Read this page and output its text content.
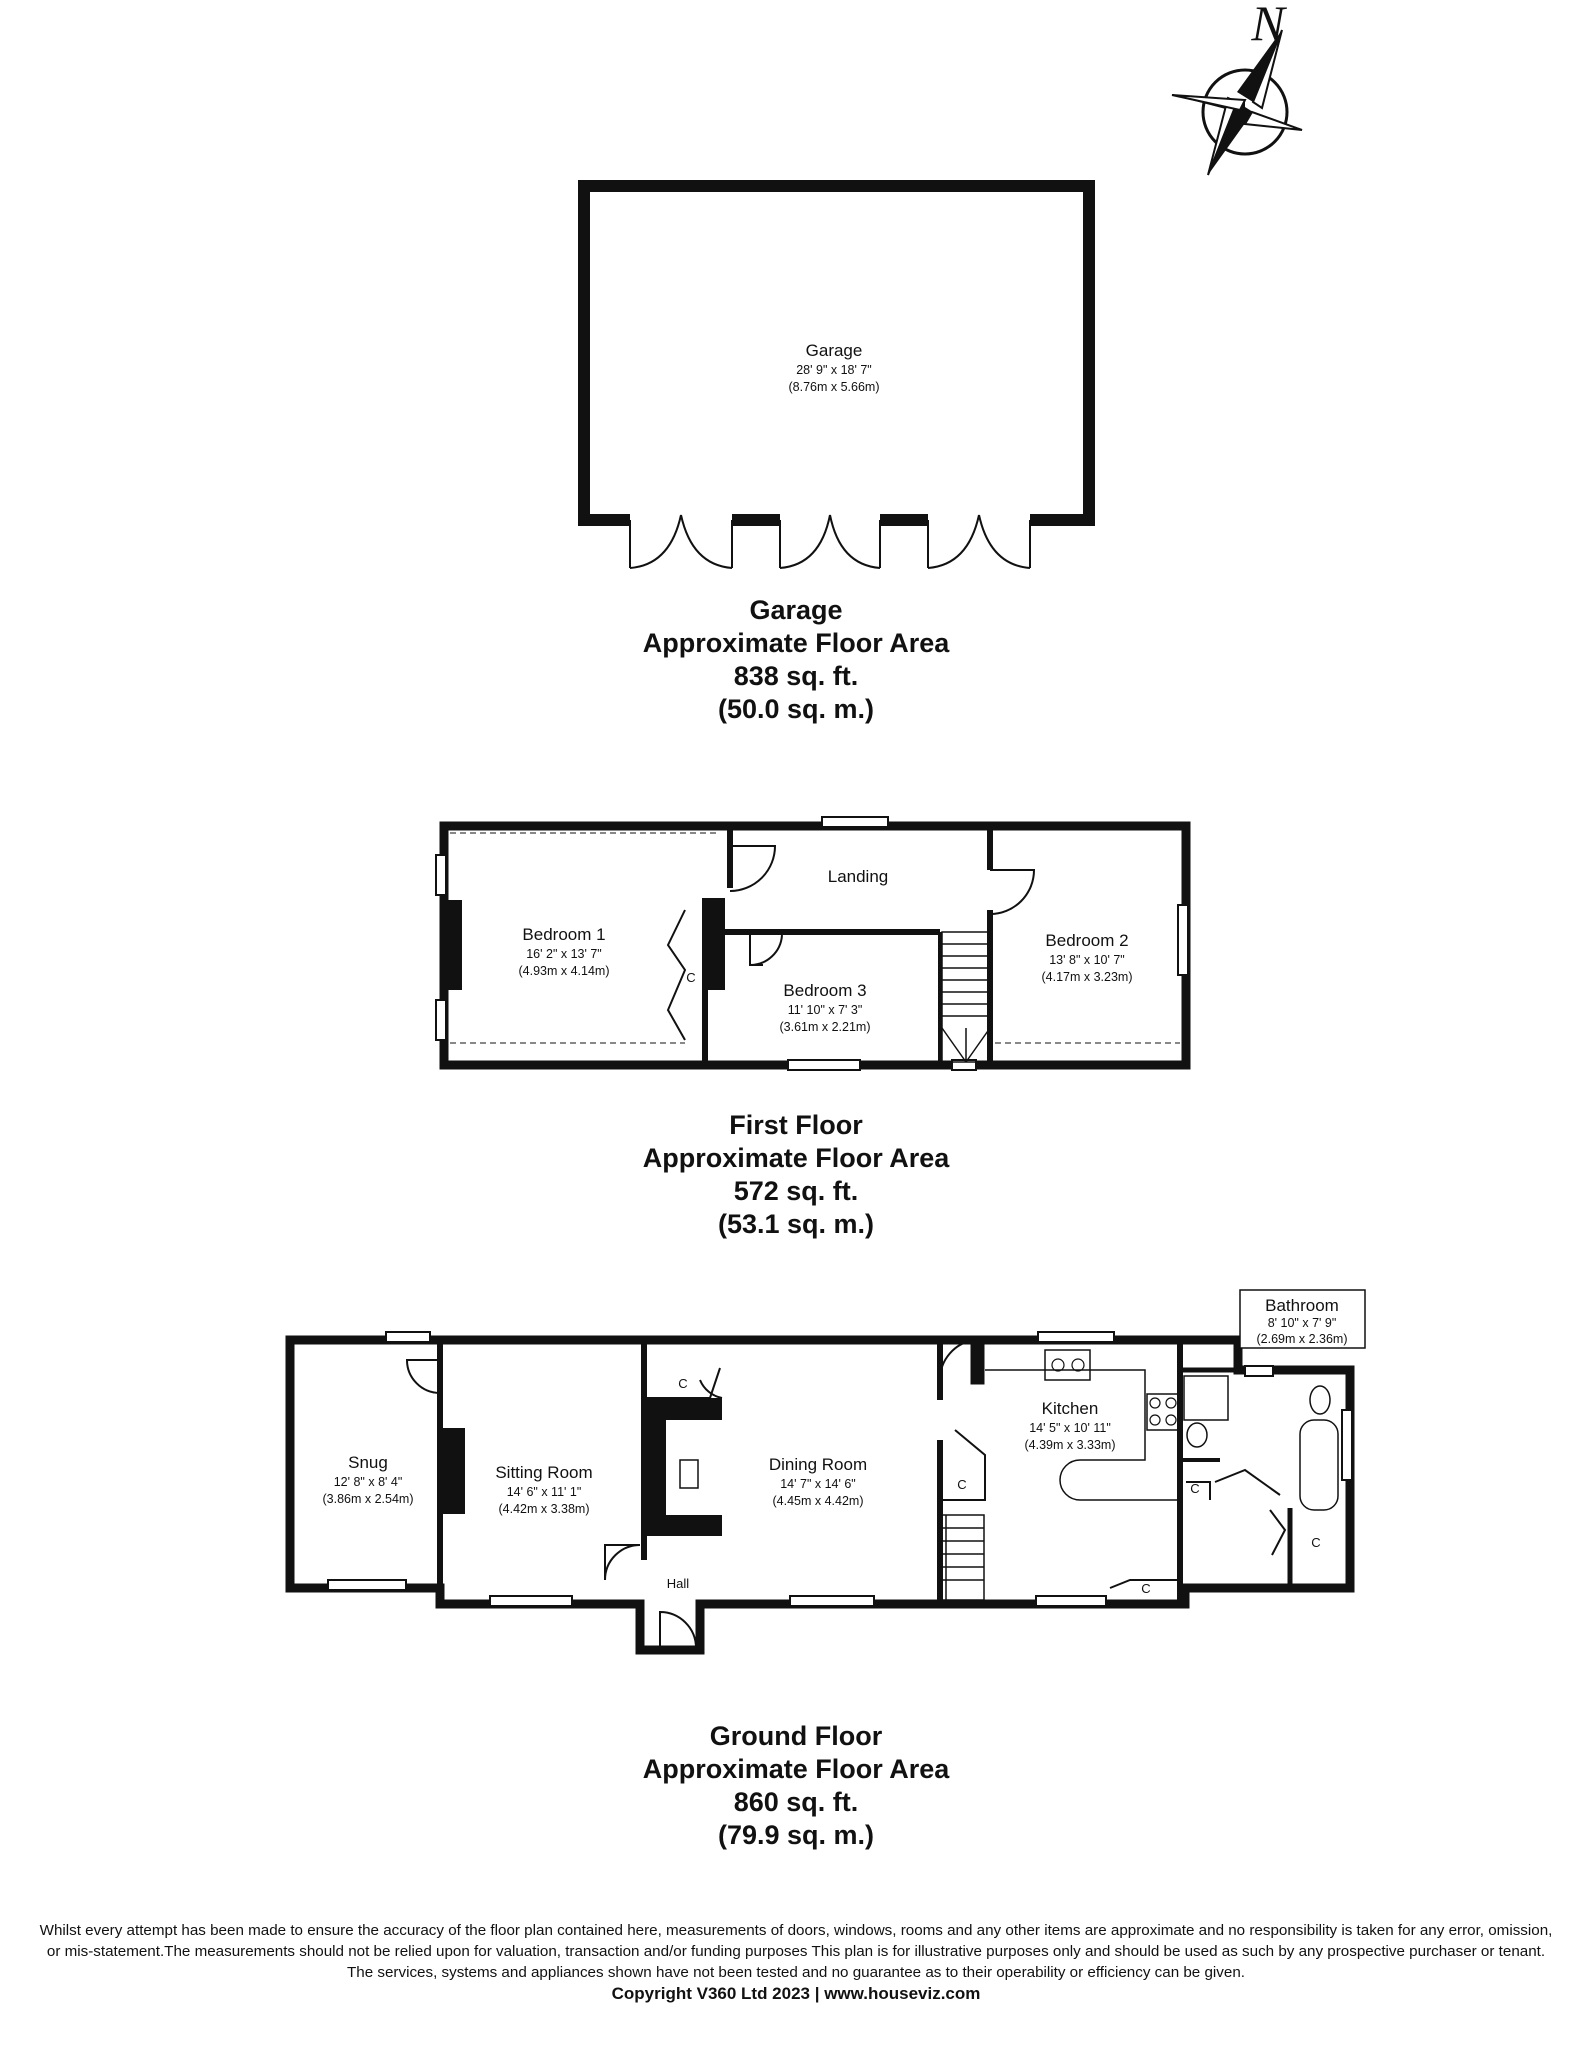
N
Garage
28' 9" x 18' 7"
(8.76m x 5.66m)
Landing
Bedroom 1
16' 2" x 13' 7"
(4.93m x 4.14m)	C
Bedroom 2
13' 8" x 10' 7"
(4.17m x 3.23m)
Bedroom 3
11' 10" x 7' 3"
(3.61m x 2.21m)
Snug
12' 8" x 8' 4"
(3.86m x 2.54m)
Sitting Room
14' 6" x 11' 1"
(4.42m x 3.38m)
Dining Room
14' 7" x 14' 6"
(4.45m x 4.42m)
Kitchen
14' 5" x 10' 11"
(4.39m x 3.33m)
Bathroom
8' 10" x 7' 9"
(2.69m x 2.36m)
Hall
C
C	C
C
C
Garage
Approximate Floor Area
838 sq. ft.
(50.0 sq. m.)
First Floor
Approximate Floor Area
572 sq. ft.
(53.1 sq. m.)
Ground Floor
Approximate Floor Area
860 sq. ft.
(79.9 sq. m.)
Whilst every attempt has been made to ensure the accuracy of the floor plan contained here, measurements of doors, windows, rooms and any other items are approximate and no responsibility is taken for any error, omission,
or mis-statement.The measurements should not be relied upon for valuation, transaction and/or funding purposes This plan is for illustrative purposes only and should be used as such by any prospective purchaser or tenant.
The services, systems and appliances shown have not been tested and no guarantee as to their operability or efficiency can be given.
Copyright V360 Ltd 2023 | www.houseviz.com
